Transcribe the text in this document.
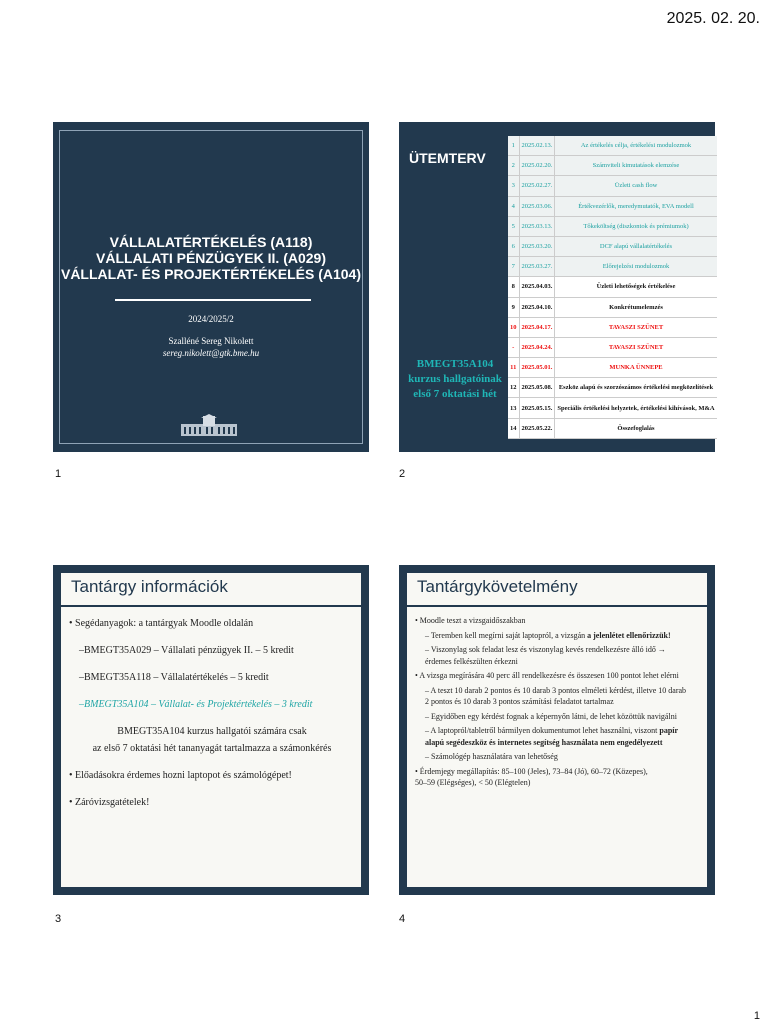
2025. 02. 20.
VÁLLALATÉRTÉKELÉS (A118)
VÁLLALATI PÉNZÜGYEK II. (A029)
VÁLLALAT- ÉS PROJEKTÉRTÉKELÉS (A104)
2024/2025/2
Szalléné Sereg Nikolett
sereg.nikolett@gtk.bme.hu
1
ÜTEMTERV
BMEGT35A104
kurzus hallgatóinak
első 7 oktatási hét
1	2025.02.13.	Az értékelés célja, értékelési modulozmok
2	2025.02.20.	Számviteli kimutatások elemzése
3	2025.02.27.	Üzleti cash flow
4	2025.03.06.	Értékvezérlők, meredymutatók, EVA modell
5	2025.03.13.	Tőkeköltség (diszkontok és prémiumok)
6	2025.03.20.	DCF alapú vállalatértékelés
7	2025.03.27.	Előrejelzési modulozmok
8	2025.04.03.	Üzleti lehetőségek értékelése
9	2025.04.10.	Konkrétumelemzés
10	2025.04.17.	TAVASZI SZÜNET
-	2025.04.24.	TAVASZI SZÜNET
11	2025.05.01.	MUNKA ÜNNEPE
12	2025.05.08.	Eszköz alapú és szorzószámos értékelési megközelítések
13	2025.05.15.	Speciális értékelési helyzetek, értékelési kihívások, M&A
14	2025.05.22.	Összefoglalás
2
Tantárgy információk

• Segédanyagok: a tantárgyak Moodle oldalán

–BMEGT35A029 – Vállalati pénzügyek II. – 5 kredit

–BMEGT35A118 – Vállalatértékelés – 5 kredit

–BMEGT35A104 – Vállalat- és Projektértékelés – 3 kredit

BMEGT35A104 kurzus hallgatói számára csak

az első 7 oktatási hét tananyagát tartalmazza a számonkérés

• Előadásokra érdemes hozni laptopot és számológépet!

• Záróvizsgatételek!

3
Tantárgykövetelmény

• Moodle teszt a vizsgaidőszakban

– Teremben kell megírni saját laptopról, a vizsgán a jelenlétet ellenőrizzük!

– Viszonylag sok feladat lesz és viszonylag kevés rendelkezésre álló idő →
érdemes felkészülten érkezni

• A vizsga megírására 40 perc áll rendelkezésre és összesen 100 pontot lehet elérni

– A teszt 10 darab 2 pontos és 10 darab 3 pontos elméleti kérdést, illetve 10 darab
2 pontos és 10 darab 3 pontos számítási feladatot tartalmaz

– Egyidőben egy kérdést fognak a képernyőn látni, de lehet közöttük navigálni

– A laptopról/tabletről bármilyen dokumentumot lehet használni, viszont papír
alapú segédeszköz és internetes segítség használata nem engedélyezett

– Számológép használatára van lehetőség

• Érdemjegy megállapítás: 85–100 (Jeles), 73–84 (Jó), 60–72 (Közepes),
50–59 (Elégséges), < 50 (Elégtelen)

4
1
